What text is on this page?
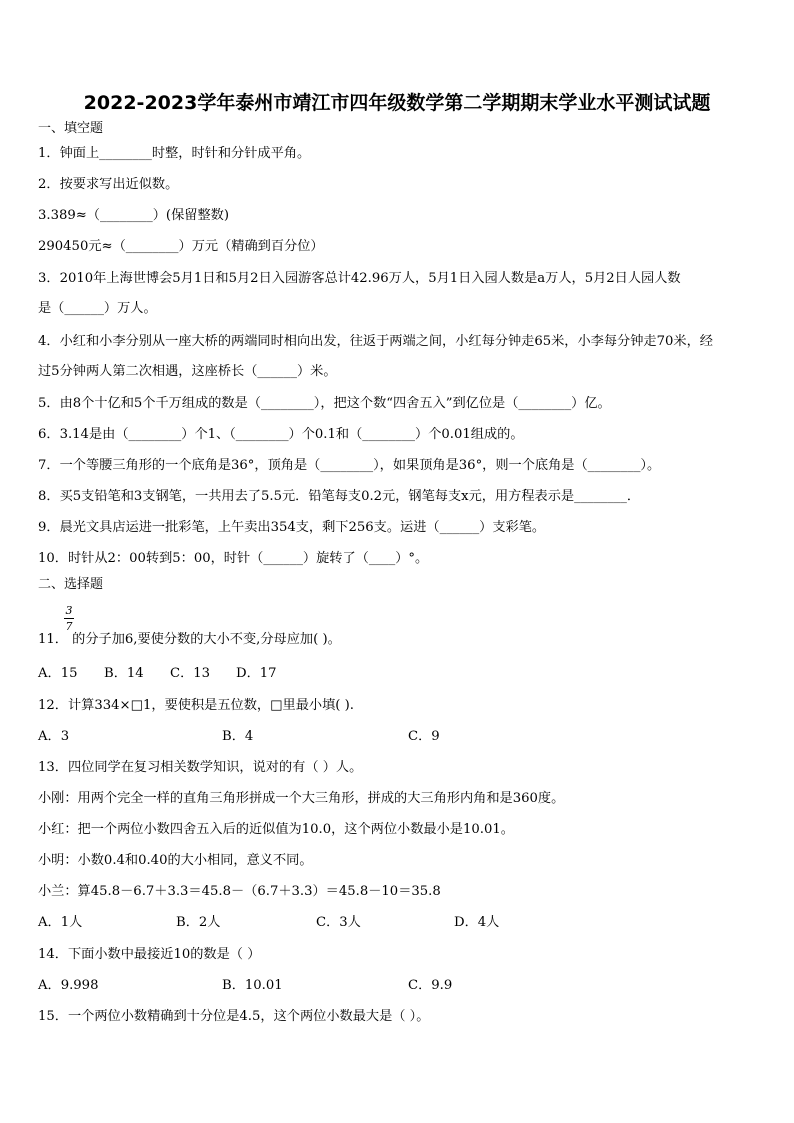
2022-2023学年泰州市靖江市四年级数学第二学期期末学业水平测试试题
一、填空题
1．钟面上________时整，时针和分针成平角。
2．按要求写出近似数。
3.389≈（________）(保留整数)
290450元≈（________）万元（精确到百分位）
3．2010年上海世博会5月1日和5月2日入园游客总计42.96万人，5月1日入园人数是a万人，5月2日人园人数
是（______）万人。
4．小红和小李分别从一座大桥的两端同时相向出发，往返于两端之间，小红每分钟走65米，小李每分钟走70米，经
过5分钟两人第二次相遇，这座桥长（______）米。
5．由8个十亿和5个千万组成的数是（________），把这个数“四舍五入”到亿位是（________）亿。
6．3.14是由（________）个1、（________）个0.1和（________）个0.01组成的。
7．一个等腰三角形的一个底角是36°，顶角是（________），如果顶角是36°，则一个底角是（________）。
8．买5支铅笔和3支钢笔，一共用去了5.5元．铅笔每支0.2元，钢笔每支x元，用方程表示是________．
9．晨光文具店运进一批彩笔，上午卖出354支，剩下256支。运进（______）支彩笔。
10．时针从2：00转到5：00，时针（______）旋转了（____）°。
二、选择题
3
7
11． 的分子加6,要使分数的大小不变,分母应加( )。
A．15 B．14 C．13 D．17
12．计算334×□1，要使积是五位数，□里最小填( ).
A．3	B．4	C．9
13．四位同学在复习相关数学知识，说对的有（ ）人。
小刚：用两个完全一样的直角三角形拼成一个大三角形，拼成的大三角形内角和是360度。
小红：把一个两位小数四舍五入后的近似值为10.0，这个两位小数最小是10.01。
小明：小数0.4和0.40的大小相同，意义不同。
小兰：算45.8－6.7＋3.3＝45.8－（6.7＋3.3）＝45.8－10＝35.8
A．1人	B．2人	C．3人	D．4人
14．下面小数中最接近10的数是（ ）
A．9.998	B．10.01	C．9.9
15．一个两位小数精确到十分位是4.5，这个两位小数最大是（ ）。
